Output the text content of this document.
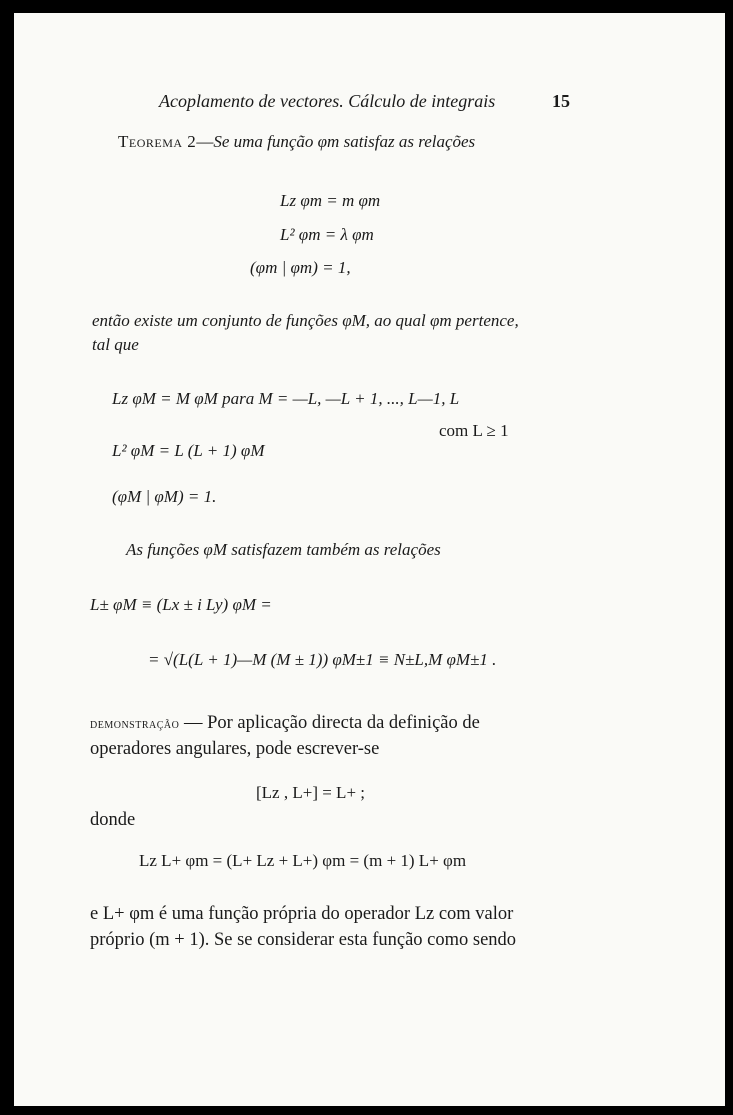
Acoplamento de vectores. Cálculo de integrais	15
Teorema 2—Se uma função φm satisfaz as relações
Lz φm = m φm
L² φm = λ φm
(φm | φm) = 1,
então existe um conjunto de funções φM, ao qual φm pertence,
tal que
Lz φM = M φM para M = —L, —L + 1, ..., L—1, L
com L ≥ 1
L² φM = L (L + 1) φM
(φM | φM) = 1.
As funções φM satisfazem também as relações
L± φM ≡ (Lx ± i Ly) φM =
= √(L(L + 1)—M (M ± 1)) φM±1 ≡ N±L,M φM±1 .
demonstração — Por aplicação directa da definição de
operadores angulares, pode escrever-se
[Lz , L+] = L+ ;
donde
Lz L+ φm = (L+ Lz + L+) φm = (m + 1) L+ φm
e L+ φm é uma função própria do operador Lz com valor
próprio (m + 1). Se se considerar esta função como sendo
